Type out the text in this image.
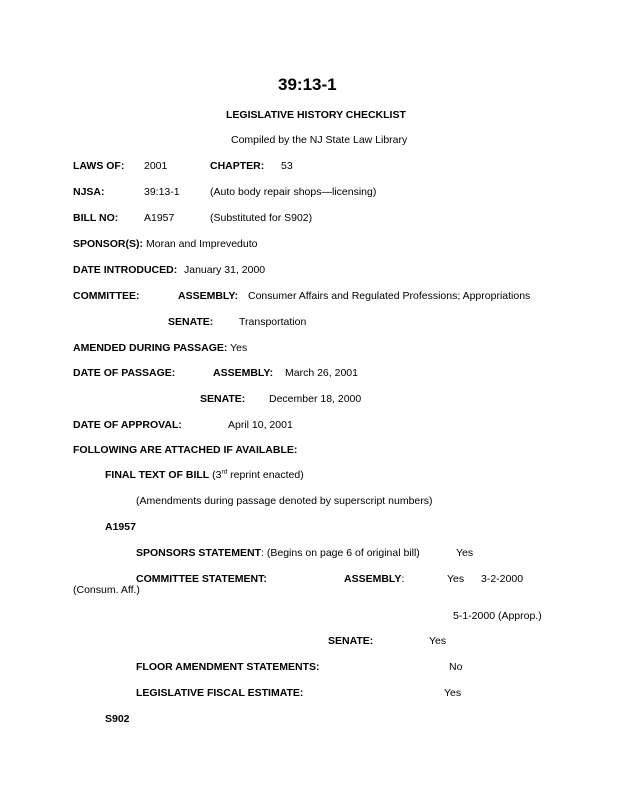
39:13-1
LEGISLATIVE HISTORY CHECKLIST
Compiled by the NJ State Law Library
LAWS OF: 2001	CHAPTER: 53
NJSA:	39:13-1	(Auto body repair shops—licensing)
BILL NO: A1957	(Substituted for S902)
SPONSOR(S): Moran and Impreveduto
DATE INTRODUCED: January 31, 2000
COMMITTEE:	ASSEMBLY: Consumer Affairs and Regulated Professions; Appropriations
SENATE: Transportation
AMENDED DURING PASSAGE: Yes
DATE OF PASSAGE:	ASSEMBLY: March 26, 2001
SENATE: December 18, 2000
DATE OF APPROVAL:	April 10, 2001
FOLLOWING ARE ATTACHED IF AVAILABLE:
FINAL TEXT OF BILL (3rd reprint enacted)
(Amendments during passage denoted by superscript numbers)
A1957
SPONSORS STATEMENT: (Begins on page 6 of original bill)	Yes
COMMITTEE STATEMENT:	ASSEMBLY:	Yes 3-2-2000
(Consum. Aff.)
5-1-2000 (Approp.)
SENATE:	Yes
FLOOR AMENDMENT STATEMENTS:	No
LEGISLATIVE FISCAL ESTIMATE:	Yes
S902
